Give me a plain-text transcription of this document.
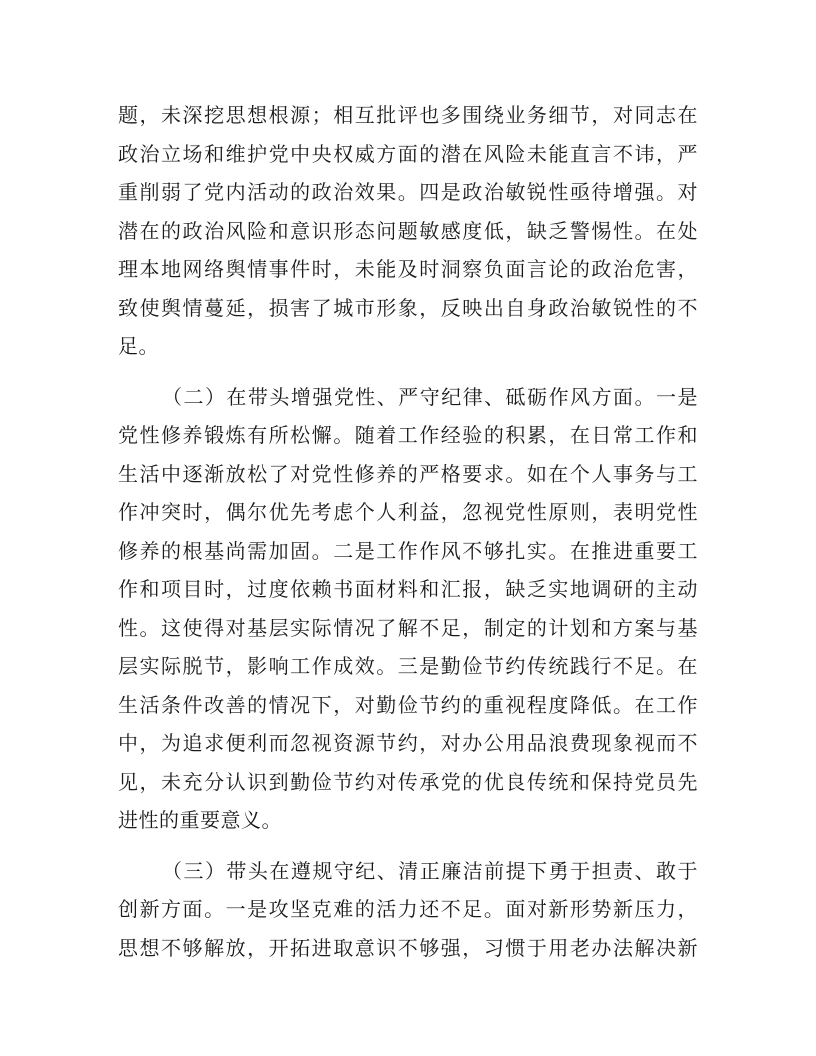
题，未深挖思想根源；相互批评也多围绕业务细节，对同志在
政治立场和维护党中央权威方面的潜在风险未能直言不讳，严
重削弱了党内活动的政治效果。四是政治敏锐性亟待增强。对
潜在的政治风险和意识形态问题敏感度低，缺乏警惕性。在处
理本地网络舆情事件时，未能及时洞察负面言论的政治危害，
致使舆情蔓延，损害了城市形象，反映出自身政治敏锐性的不
足。
（二）在带头增强党性、严守纪律、砥砺作风方面。一是
党性修养锻炼有所松懈。随着工作经验的积累，在日常工作和
生活中逐渐放松了对党性修养的严格要求。如在个人事务与工
作冲突时，偶尔优先考虑个人利益，忽视党性原则，表明党性
修养的根基尚需加固。二是工作作风不够扎实。在推进重要工
作和项目时，过度依赖书面材料和汇报，缺乏实地调研的主动
性。这使得对基层实际情况了解不足，制定的计划和方案与基
层实际脱节，影响工作成效。三是勤俭节约传统践行不足。在
生活条件改善的情况下，对勤俭节约的重视程度降低。在工作
中，为追求便利而忽视资源节约，对办公用品浪费现象视而不
见，未充分认识到勤俭节约对传承党的优良传统和保持党员先
进性的重要意义。
（三）带头在遵规守纪、清正廉洁前提下勇于担责、敢于
创新方面。一是攻坚克难的活力还不足。面对新形势新压力，
思想不够解放，开拓进取意识不够强，习惯于用老办法解决新
